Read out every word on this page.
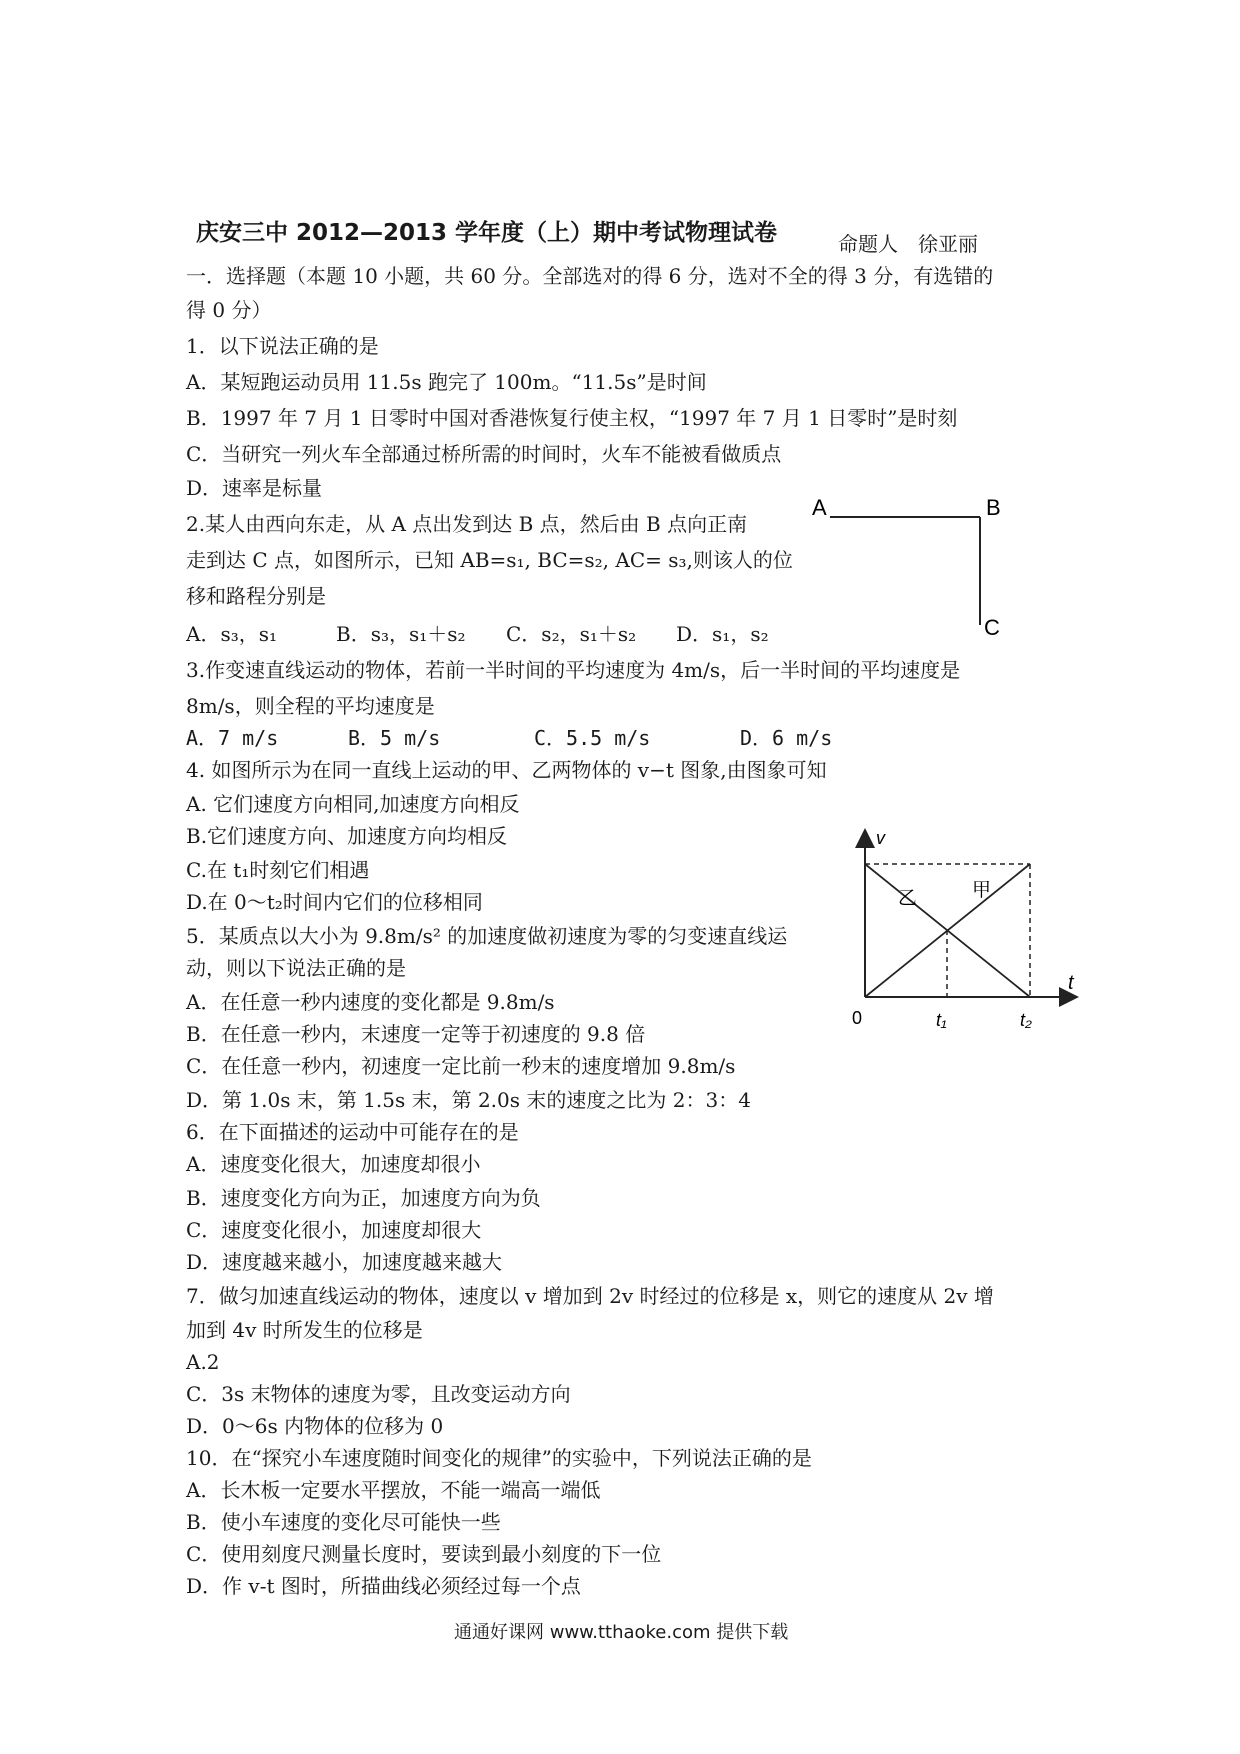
庆安三中 2012—2013 学年度（上）期中考试物理试卷	命题人　徐亚丽
一．选择题（本题 10 小题，共 60 分。全部选对的得 6 分，选对不全的得 3 分，有选错的
得 0 分）
1．以下说法正确的是
A．某短跑运动员用 11.5s 跑完了 100m。“11.5s”是时间
B．1997 年 7 月 1 日零时中国对香港恢复行使主权，“1997 年 7 月 1 日零时”是时刻
C．当研究一列火车全部通过桥所需的时间时，火车不能被看做质点
D．速率是标量
2.某人由西向东走，从 A 点出发到达 B 点，然后由 B 点向正南
走到达 C 点，如图所示，已知 AB=s₁, BC=s₂, AC= s₃,则该人的位
移和路程分别是
A．s₃，s₁	B．s₃，s₁＋s₂ C．s₂，s₁＋s₂ D．s₁，s₂
A	B
C
3.作变速直线运动的物体，若前一半时间的平均速度为 4m/s，后一半时间的平均速度是
8m/s，则全程的平均速度是
A．7 m/s	B．5 m/s	C．5.5 m/s	D．6 m/s
4. 如图所示为在同一直线上运动的甲、乙两物体的 v−t 图象,由图象可知
A. 它们速度方向相同,加速度方向相反
B.它们速度方向、加速度方向均相反
C.在 t₁时刻它们相遇
D.在 0～t₂时间内它们的位移相同
v
t
0	t₁	t₂
乙	甲
5．某质点以大小为 9.8m/s² 的加速度做初速度为零的匀变速直线运
动，则以下说法正确的是
A．在任意一秒内速度的变化都是 9.8m/s
B．在任意一秒内，末速度一定等于初速度的 9.8 倍
C．在任意一秒内，初速度一定比前一秒末的速度增加 9.8m/s
D．第 1.0s 末，第 1.5s 末，第 2.0s 末的速度之比为 2：3：4
6．在下面描述的运动中可能存在的是
A．速度变化很大，加速度却很小
B．速度变化方向为正，加速度方向为负
C．速度变化很小，加速度却很大
D．速度越来越小，加速度越来越大
7．做匀加速直线运动的物体，速度以 v 增加到 2v 时经过的位移是 x，则它的速度从 2v 增
加到 4v 时所发生的位移是
A.2
C．3s 末物体的速度为零，且改变运动方向
D．0～6s 内物体的位移为 0
10．在“探究小车速度随时间变化的规律”的实验中，下列说法正确的是
A．长木板一定要水平摆放，不能一端高一端低
B．使小车速度的变化尽可能快一些
C．使用刻度尺测量长度时，要读到最小刻度的下一位
D．作 v-t 图时，所描曲线必须经过每一个点
通通好课网 www.tthaoke.com 提供下载
